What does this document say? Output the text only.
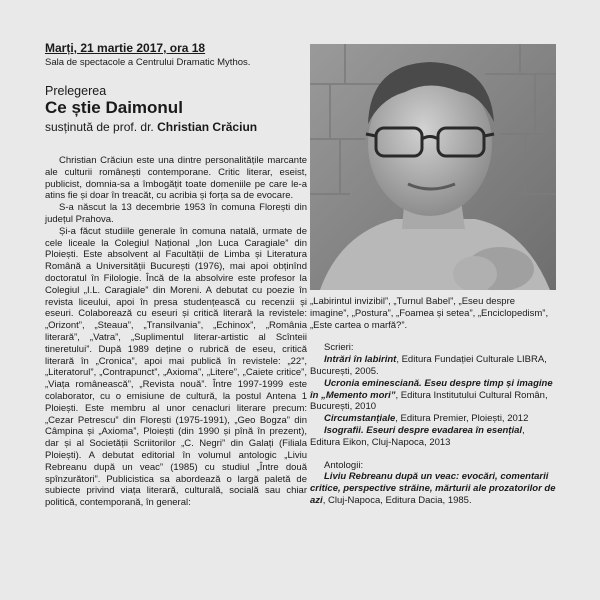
Marți, 21 martie 2017, ora 18
Sala de spectacole a Centrului Dramatic Mythos.
Prelegerea
Ce știe Daimonul
susținută de prof. dr. Christian Crăciun

Christian Crăciun este una dintre personalitățile marcante ale culturii românești contemporane. Critic literar, eseist, publicist, domnia-sa a îmbogățit toate domeniile pe care le-a atins fie și doar în treacăt, cu acribia și forța sa de evocare.

S-a născut la 13 decembrie 1953 în comuna Florești din județul Prahova.

Și-a făcut studiile generale în comuna natală, urmate de cele liceale la Colegiul Național „Ion Luca Caragiale” din Ploiești. Este absolvent al Facultății de Limba și Literatura Română a Universității București (1976), mai apoi obținînd doctoratul în Filologie. Încă de la absolvire este profesor la Colegiul „I.L. Caragiale” din Moreni. A debutat cu poezie în revista liceului, apoi în presa studențească cu recenzii și eseuri. Colaborează cu eseuri și critică literară la revistele: „Orizont”, „Steaua”, „Transilvania”, „Echinox”, „România literară”, „Vatra”, „Suplimentul literar-artistic al Scînteii tineretului”. După 1989 deține o rubrică de eseu, critică literară în „Cronica”, apoi mai publică în revistele: „22”, „Literatorul”, „Contrapunct”, „Axioma”, „Litere”, „Caiete critice”, „Viața românească”, „Revista nouă”. Între 1997-1999 este colaborator, cu o emisiune de cultură, la postul Antena 1 Ploiești. Este membru al unor cenacluri literare precum: „Cezar Petrescu” din Florești (1975-1991), „Geo Bogza” din Câmpina și „Axioma”, Ploiești (din 1990 și pînă în prezent), dar și al Societății Scriitorilor „C. Negri” din Galați (Filiala Ploiești). A debutat editorial în volumul antologic „Liviu Rebreanu după un veac” (1985) cu studiul „Între două spînzurători”. Publicistica sa abordează o largă paletă de subiecte privind viața literară, culturală, socială sau chiar politică, contemporană, în general:

„Labirintul invizibil”, „Turnul Babel”, „Eseu despre imagine”, „Postura”, „Foamea și setea”, „Enciclopedism”, „Este cartea o marfă?”.

Scrieri:

Intrări în labirint, Editura Fundației Culturale LIBRA, București, 2005.

Ucronia eminesciană. Eseu despre timp și imagine în „Memento mori”, Editura Institutului Cultural Român, București, 2010

Circumstanțiale, Editura Premier, Ploiești, 2012

Isografii. Eseuri despre evadarea în esențial, Editura Eikon, Cluj-Napoca, 2013

Antologii:

Liviu Rebreanu după un veac: evocări, comentarii critice, perspective străine, mărturii ale prozatorilor de azi, Cluj-Napoca, Editura Dacia, 1985.
